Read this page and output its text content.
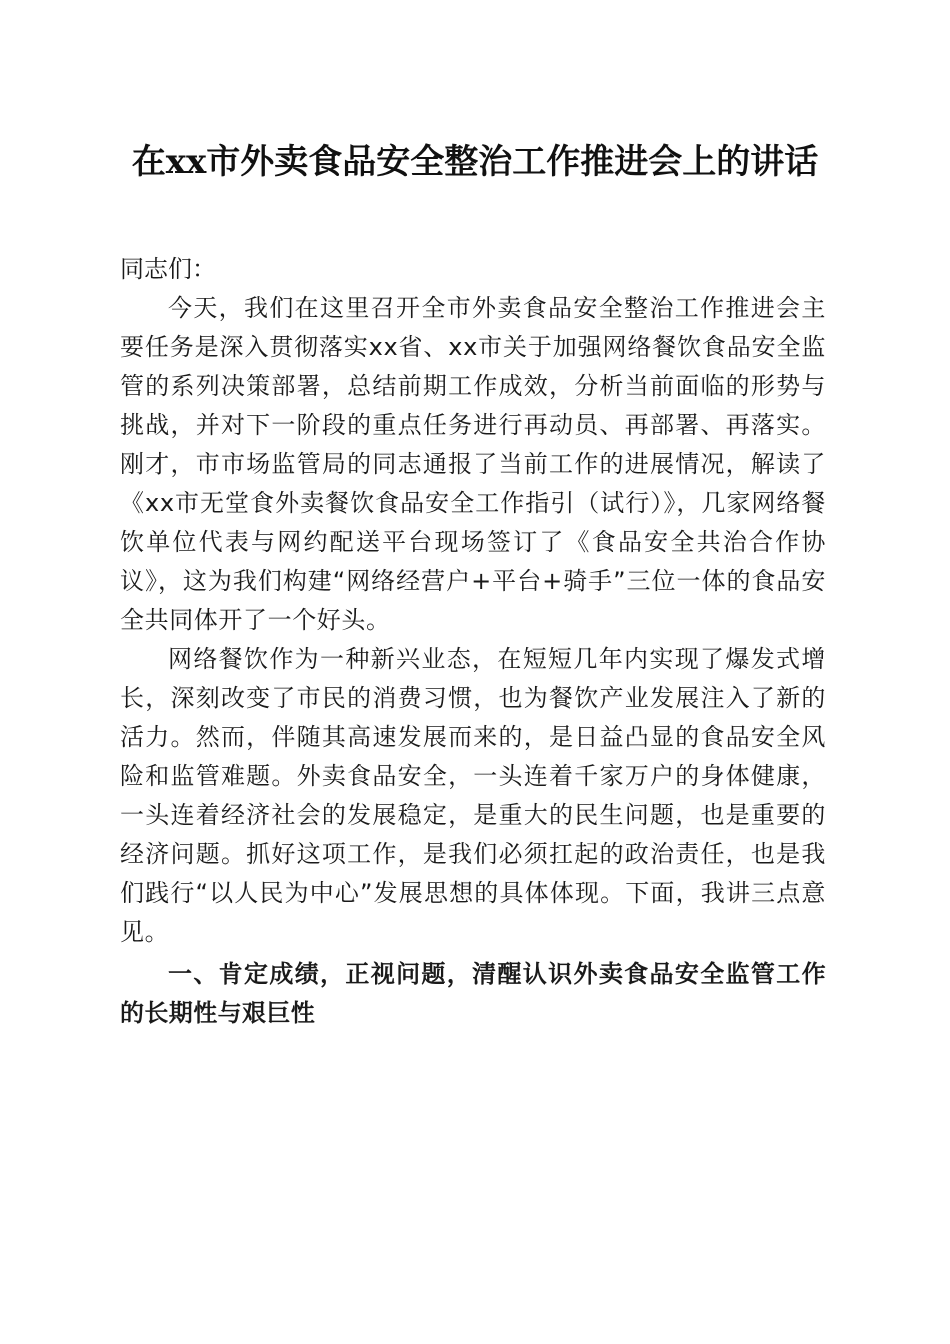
在xx市外卖食品安全整治工作推进会上的讲话

同志们：

今天，我们在这里召开全市外卖食品安全整治工作推进会主要任务是深入贯彻落实xx省、xx市关于加强网络餐饮食品安全监管的系列决策部署，总结前期工作成效，分析当前面临的形势与挑战，并对下一阶段的重点任务进行再动员、再部署、再落实。刚才，市市场监管局的同志通报了当前工作的进展情况，解读了《xx市无堂食外卖餐饮食品安全工作指引（试行）》，几家网络餐饮单位代表与网约配送平台现场签订了《食品安全共治合作协议》，这为我们构建“网络经营户+平台+骑手”三位一体的食品安全共同体开了一个好头。

网络餐饮作为一种新兴业态，在短短几年内实现了爆发式增长，深刻改变了市民的消费习惯，也为餐饮产业发展注入了新的活力。然而，伴随其高速发展而来的，是日益凸显的食品安全风险和监管难题。外卖食品安全，一头连着千家万户的身体健康，一头连着经济社会的发展稳定，是重大的民生问题，也是重要的经济问题。抓好这项工作，是我们必须扛起的政治责任，也是我们践行“以人民为中心”发展思想的具体体现。下面，我讲三点意见。

一、肯定成绩，正视问题，清醒认识外卖食品安全监管工作的长期性与艰巨性
